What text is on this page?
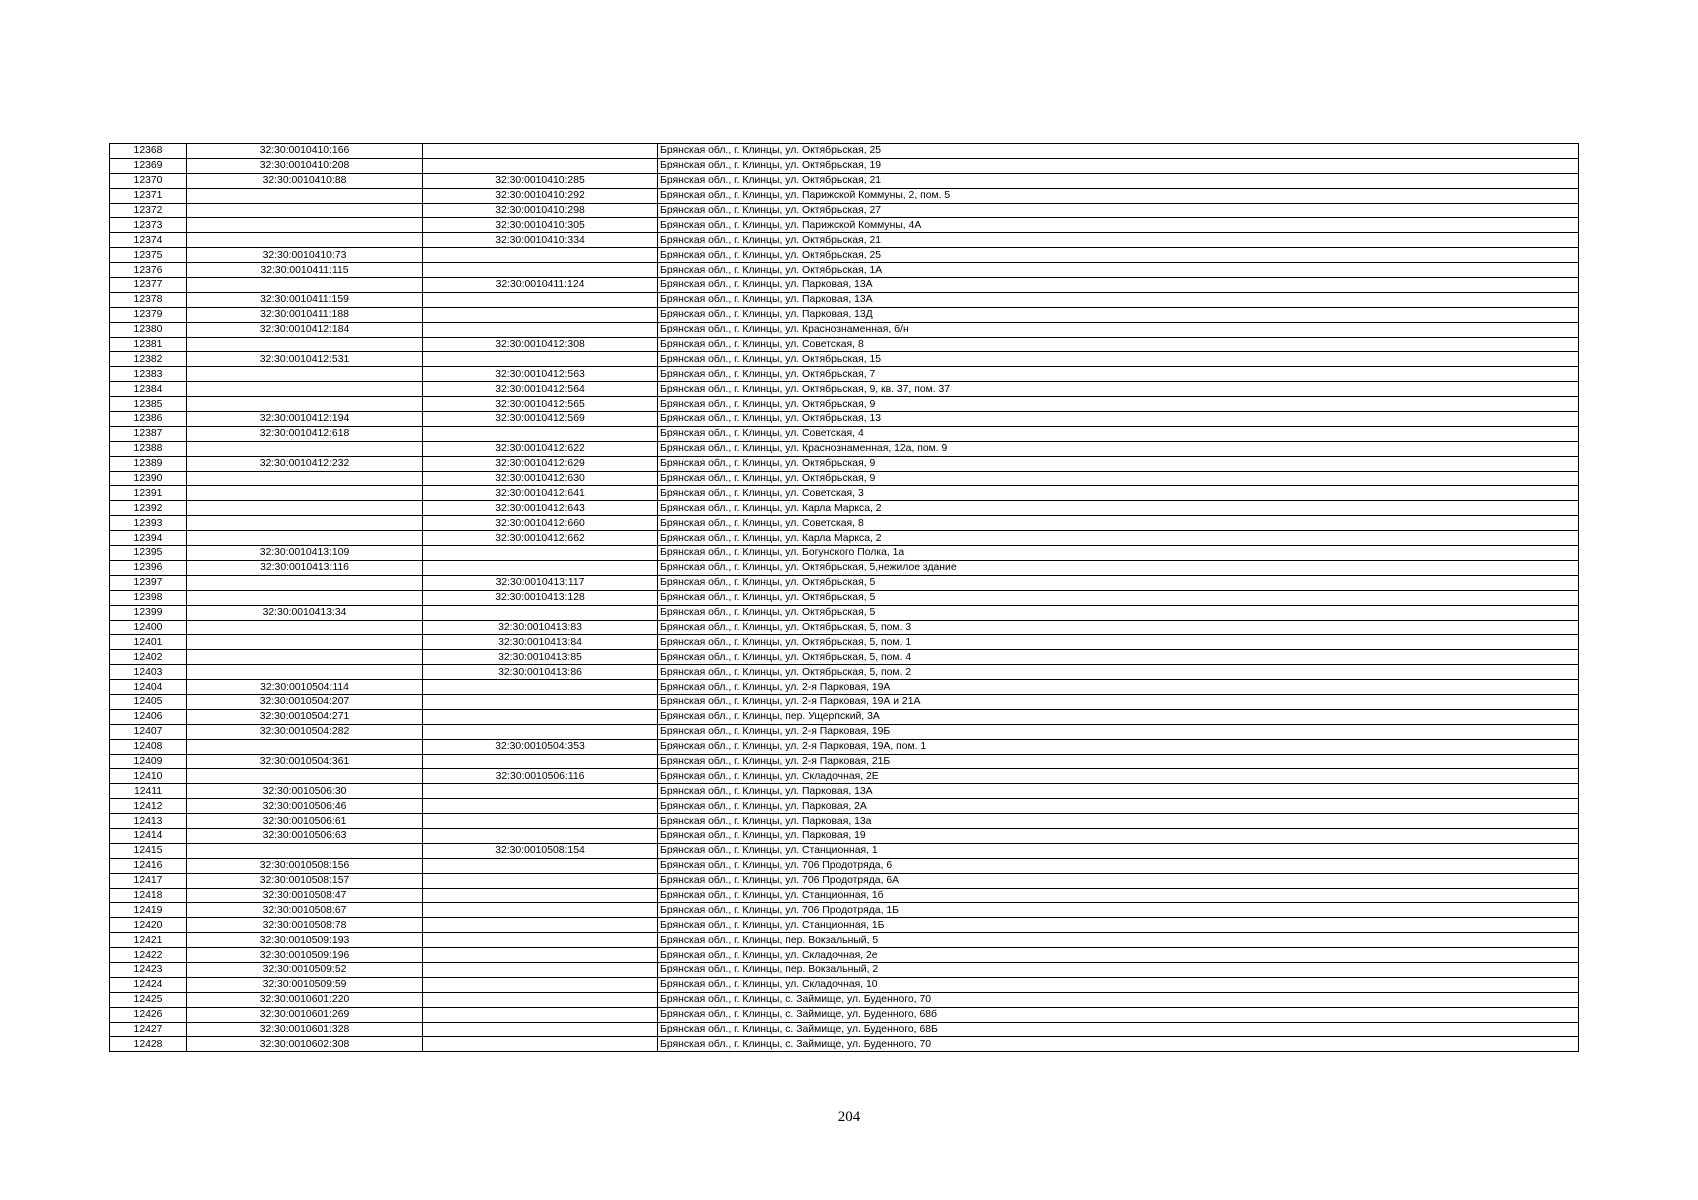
12368	32:30:0010410:166		Брянская обл., г. Клинцы, ул. Октябрьская, 25
12369	32:30:0010410:208		Брянская обл., г. Клинцы, ул. Октябрьская, 19
12370	32:30:0010410:88	32:30:0010410:285	Брянская обл., г. Клинцы, ул. Октябрьская, 21
12371		32:30:0010410:292	Брянская обл., г. Клинцы, ул. Парижской Коммуны, 2, пом. 5
12372		32:30:0010410:298	Брянская обл., г. Клинцы, ул. Октябрьская, 27
12373		32:30:0010410:305	Брянская обл., г. Клинцы, ул. Парижской Коммуны, 4А
12374		32:30:0010410:334	Брянская обл., г. Клинцы, ул. Октябрьская, 21
12375	32:30:0010410:73		Брянская обл., г. Клинцы, ул. Октябрьская, 25
12376	32:30:0010411:115		Брянская обл., г. Клинцы, ул. Октябрьская, 1А
12377		32:30:0010411:124	Брянская обл., г. Клинцы, ул. Парковая, 13А
12378	32:30:0010411:159		Брянская обл., г. Клинцы, ул. Парковая, 13А
12379	32:30:0010411:188		Брянская обл., г. Клинцы, ул. Парковая, 13Д
12380	32:30:0010412:184		Брянская обл., г. Клинцы, ул. Краснознаменная, б/н
12381		32:30:0010412:308	Брянская обл., г. Клинцы, ул. Советская, 8
12382	32:30:0010412:531		Брянская обл., г. Клинцы, ул. Октябрьская, 15
12383		32:30:0010412:563	Брянская обл., г. Клинцы, ул. Октябрьская, 7
12384		32:30:0010412:564	Брянская обл., г. Клинцы, ул. Октябрьская, 9, кв. 37, пом. 37
12385		32:30:0010412:565	Брянская обл., г. Клинцы, ул. Октябрьская, 9
12386	32:30:0010412:194	32:30:0010412:569	Брянская обл., г. Клинцы, ул. Октябрьская, 13
12387	32:30:0010412:618		Брянская обл., г. Клинцы, ул. Советская, 4
12388		32:30:0010412:622	Брянская обл., г. Клинцы, ул. Краснознаменная, 12а, пом. 9
12389	32:30:0010412:232	32:30:0010412:629	Брянская обл., г. Клинцы, ул. Октябрьская, 9
12390		32:30:0010412:630	Брянская обл., г. Клинцы, ул. Октябрьская, 9
12391		32:30:0010412:641	Брянская обл., г. Клинцы, ул. Советская, 3
12392		32:30:0010412:643	Брянская обл., г. Клинцы, ул. Карла Маркса, 2
12393		32:30:0010412:660	Брянская обл., г. Клинцы, ул. Советская, 8
12394		32:30:0010412:662	Брянская обл., г. Клинцы, ул. Карла Маркса, 2
12395	32:30:0010413:109		Брянская обл., г. Клинцы, ул. Богунского Полка, 1а
12396	32:30:0010413:116		Брянская обл., г. Клинцы, ул. Октябрьская, 5,нежилое здание
12397		32:30:0010413:117	Брянская обл., г. Клинцы, ул. Октябрьская, 5
12398		32:30:0010413:128	Брянская обл., г. Клинцы, ул. Октябрьская, 5
12399	32:30:0010413:34		Брянская обл., г. Клинцы, ул. Октябрьская, 5
12400		32:30:0010413:83	Брянская обл., г. Клинцы, ул. Октябрьская, 5, пом. 3
12401		32:30:0010413:84	Брянская обл., г. Клинцы, ул. Октябрьская, 5, пом. 1
12402		32:30:0010413:85	Брянская обл., г. Клинцы, ул. Октябрьская, 5, пом. 4
12403		32:30:0010413:86	Брянская обл., г. Клинцы, ул. Октябрьская, 5, пом. 2
12404	32:30:0010504:114		Брянская обл., г. Клинцы, ул. 2-я Парковая, 19А
12405	32:30:0010504:207		Брянская обл., г. Клинцы, ул. 2-я Парковая, 19А и 21А
12406	32:30:0010504:271		Брянская обл., г. Клинцы, пер. Ущерпский, 3А
12407	32:30:0010504:282		Брянская обл., г. Клинцы, ул. 2-я Парковая, 19Б
12408		32:30:0010504:353	Брянская обл., г. Клинцы, ул. 2-я Парковая, 19А, пом. 1
12409	32:30:0010504:361		Брянская обл., г. Клинцы, ул. 2-я Парковая, 21Б
12410		32:30:0010506:116	Брянская обл., г. Клинцы, ул. Складочная, 2Е
12411	32:30:0010506:30		Брянская обл., г. Клинцы, ул. Парковая, 13А
12412	32:30:0010506:46		Брянская обл., г. Клинцы, ул. Парковая, 2А
12413	32:30:0010506:61		Брянская обл., г. Клинцы, ул. Парковая, 13а
12414	32:30:0010506:63		Брянская обл., г. Клинцы, ул. Парковая, 19
12415		32:30:0010508:154	Брянская обл., г. Клинцы, ул. Станционная, 1
12416	32:30:0010508:156		Брянская обл., г. Клинцы, ул. 706 Продотряда, 6
12417	32:30:0010508:157		Брянская обл., г. Клинцы, ул. 706 Продотряда, 6А
12418	32:30:0010508:47		Брянская обл., г. Клинцы, ул. Станционная, 1б
12419	32:30:0010508:67		Брянская обл., г. Клинцы, ул. 706 Продотряда, 1Б
12420	32:30:0010508:78		Брянская обл., г. Клинцы, ул. Станционная, 1Б
12421	32:30:0010509:193		Брянская обл., г. Клинцы, пер. Вокзальный, 5
12422	32:30:0010509:196		Брянская обл., г. Клинцы, ул. Складочная, 2е
12423	32:30:0010509:52		Брянская обл., г. Клинцы, пер. Вокзальный, 2
12424	32:30:0010509:59		Брянская обл., г. Клинцы, ул. Складочная, 10
12425	32:30:0010601:220		Брянская обл., г. Клинцы, с. Займище, ул. Буденного, 70
12426	32:30:0010601:269		Брянская обл., г. Клинцы, с. Займище, ул. Буденного, 68б
12427	32:30:0010601:328		Брянская обл., г. Клинцы, с. Займище, ул. Буденного, 68Б
12428	32:30:0010602:308		Брянская обл., г. Клинцы, с. Займище, ул. Буденного, 70
204
